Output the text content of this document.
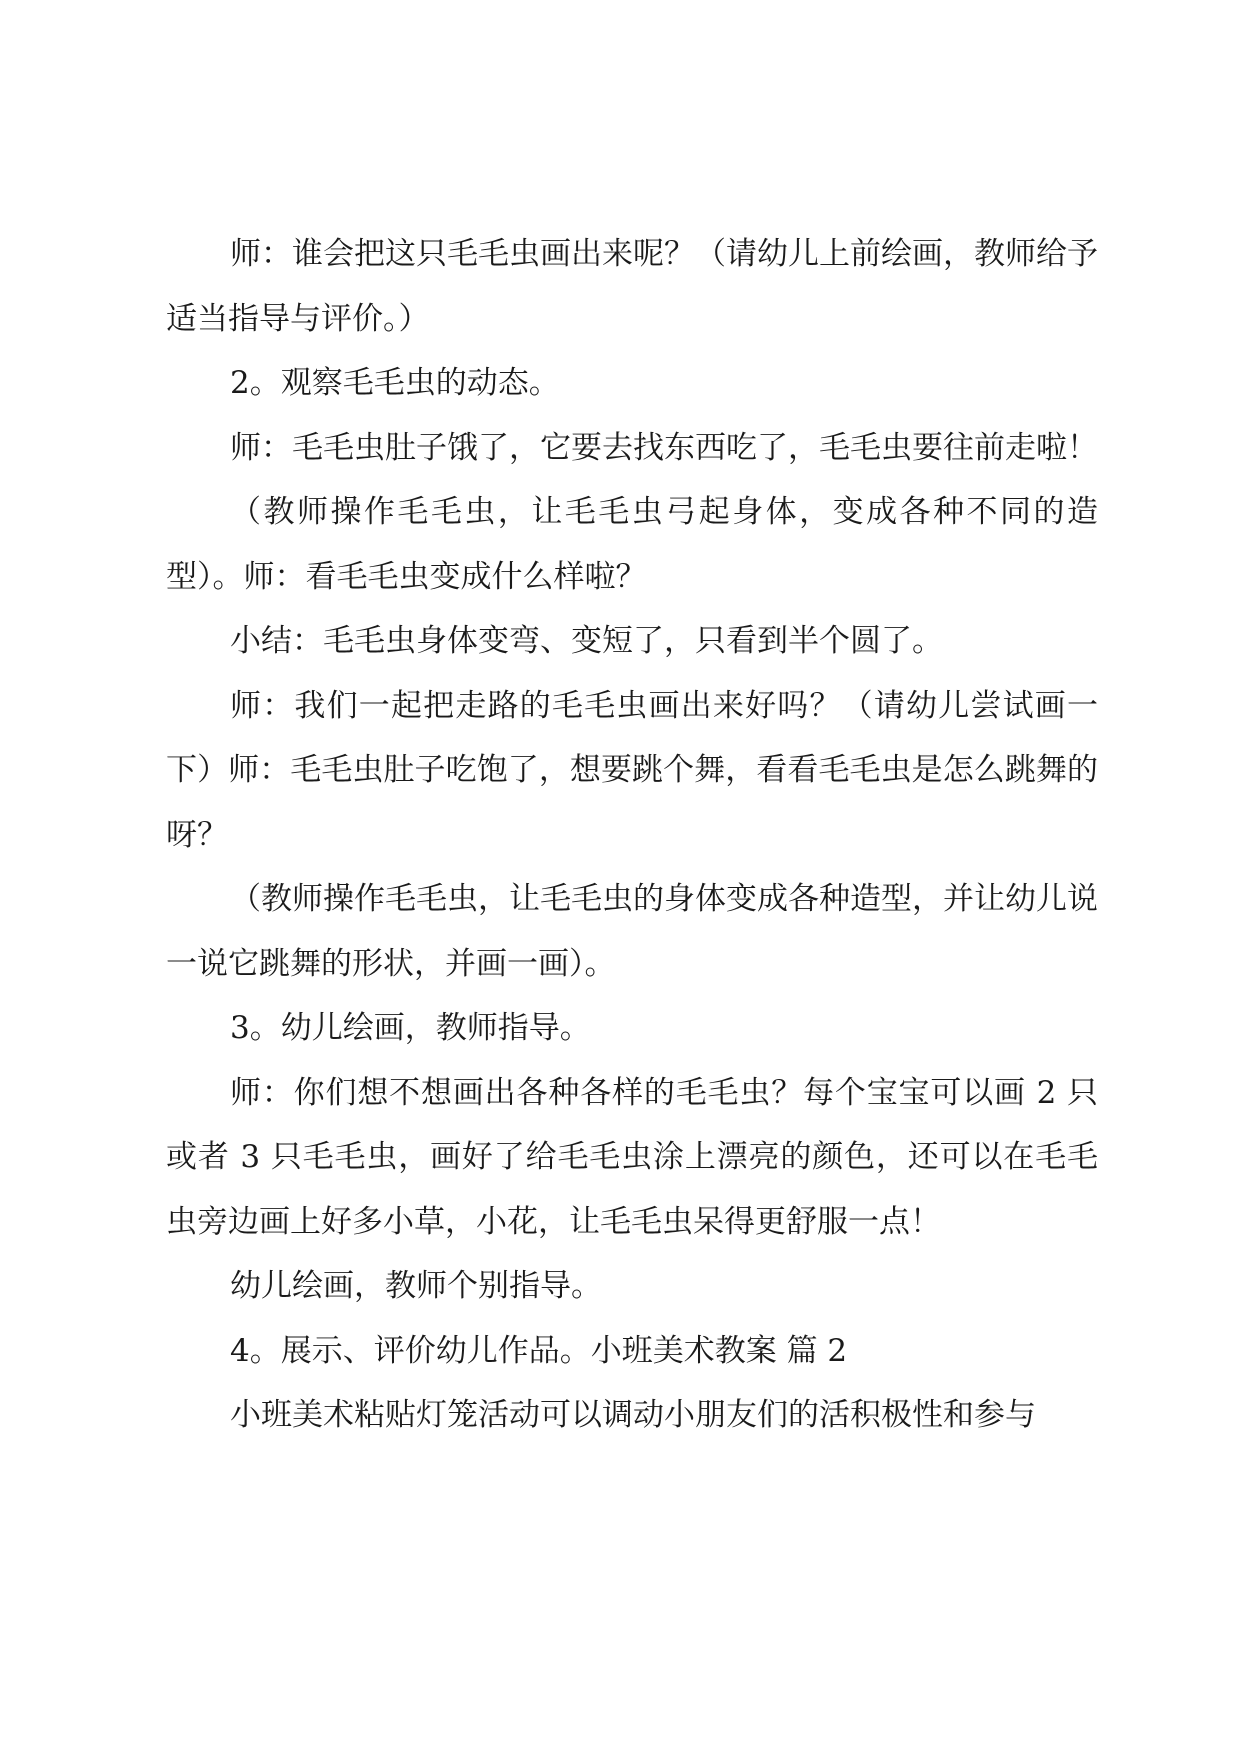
师：谁会把这只毛毛虫画出来呢？（请幼儿上前绘画，教师给予适当指导与评价。）

2。观察毛毛虫的动态。

师：毛毛虫肚子饿了，它要去找东西吃了，毛毛虫要往前走啦！

（教师操作毛毛虫，让毛毛虫弓起身体，变成各种不同的造型）。师：看毛毛虫变成什么样啦？

小结：毛毛虫身体变弯、变短了，只看到半个圆了。

师：我们一起把走路的毛毛虫画出来好吗？（请幼儿尝试画一下）师：毛毛虫肚子吃饱了，想要跳个舞，看看毛毛虫是怎么跳舞的呀？

（教师操作毛毛虫，让毛毛虫的身体变成各种造型，并让幼儿说一说它跳舞的形状，并画一画）。

3。幼儿绘画，教师指导。

师：你们想不想画出各种各样的毛毛虫？每个宝宝可以画 2 只或者 3 只毛毛虫，画好了给毛毛虫涂上漂亮的颜色，还可以在毛毛虫旁边画上好多小草，小花，让毛毛虫呆得更舒服一点！

幼儿绘画，教师个别指导。

4。展示、评价幼儿作品。小班美术教案 篇 2

小班美术粘贴灯笼活动可以调动小朋友们的活积极性和参与
